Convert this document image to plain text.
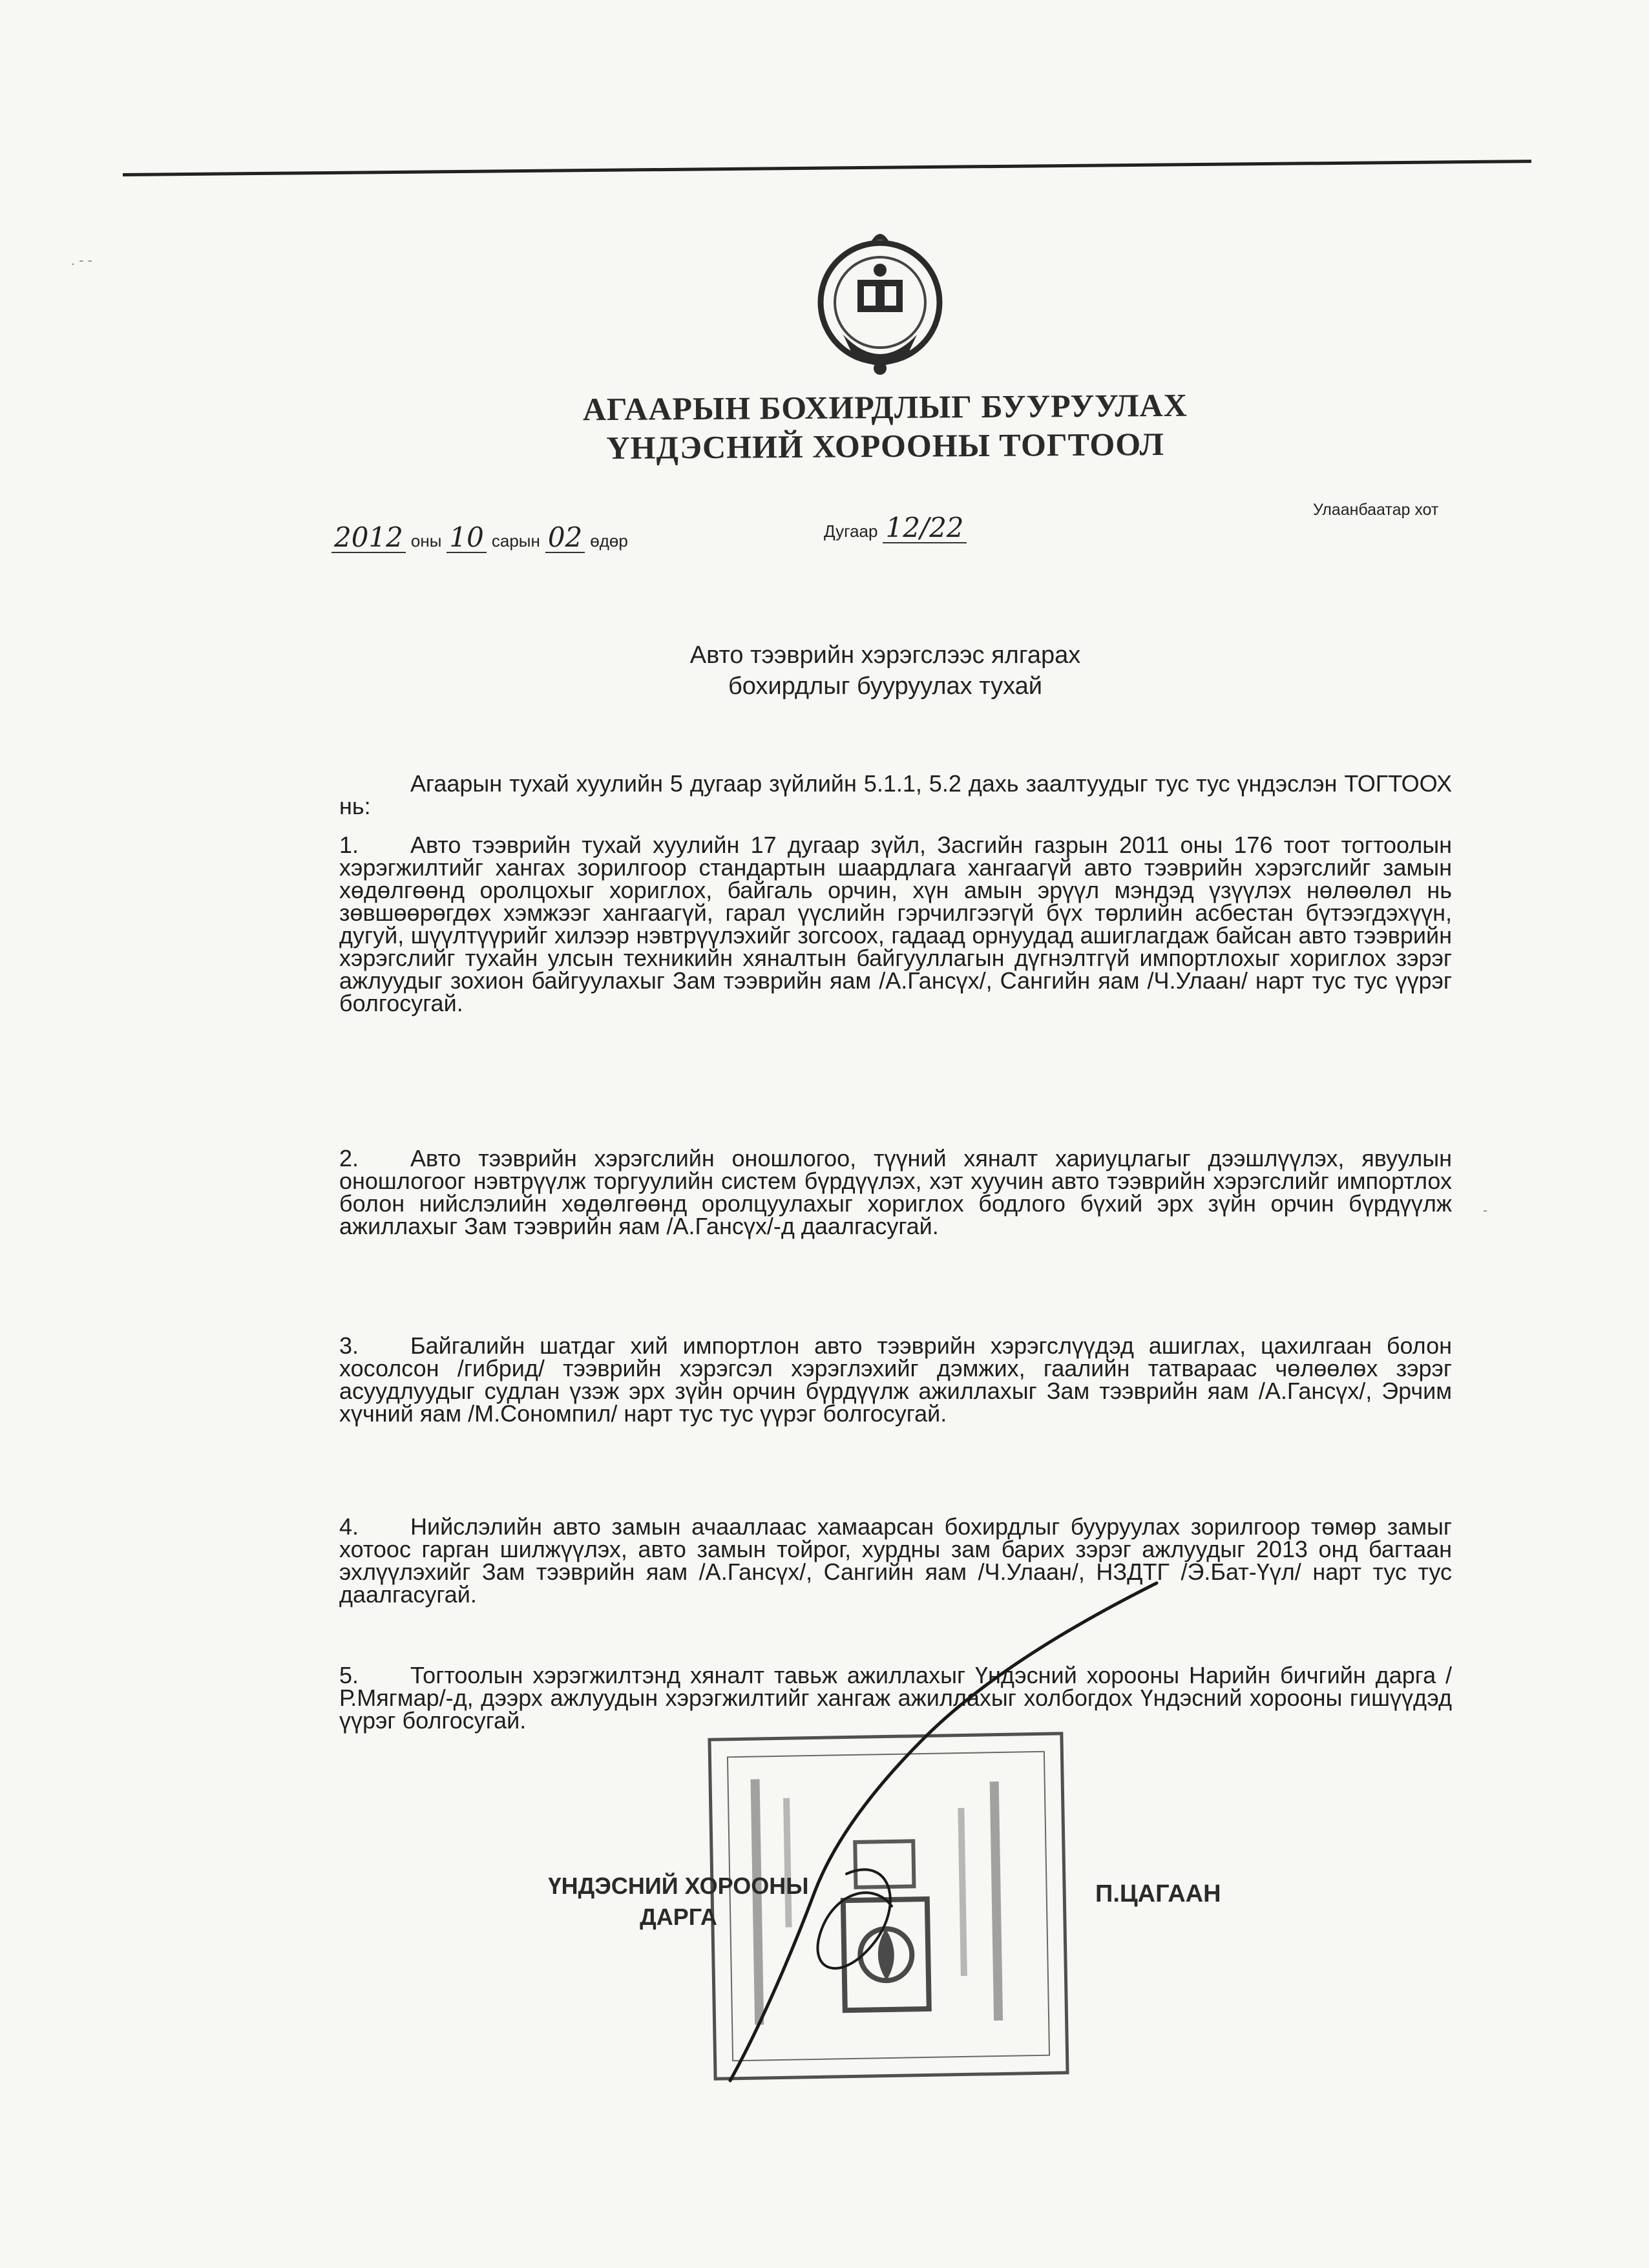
АГААРЫН БОХИРДЛЫГ БУУРУУЛАХ
ҮНДЭСНИЙ ХОРООНЫ ТОГТООЛ
Улаанбаатар хот
2012 оны 10 сарын 02 өдөр	Дугаар 12/22
Авто тээврийн хэрэгслээс ялгарах
бохирдлыг бууруулах тухай
Агаарын тухай хуулийн 5 дугаар зүйлийн 5.1.1, 5.2 дахь заалтуудыг тус тус үндэслэн ТОГТООХ нь:
1. Авто тээврийн тухай хуулийн 17 дугаар зүйл, Засгийн газрын 2011 оны 176 тоот тогтоолын хэрэгжилтийг хангах зорилгоор стандартын шаардлага хангаагүй авто тээврийн хэрэгслийг замын хөдөлгөөнд оролцохыг хориглох, байгаль орчин, хүн амын эрүүл мэндэд үзүүлэх нөлөөлөл нь зөвшөөрөгдөх хэмжээг хангаагүй, гарал үүслийн гэрчилгээгүй бүх төрлийн асбестан бүтээгдэхүүн, дугуй, шүүлтүүрийг хилээр нэвтрүүлэхийг зогсоох, гадаад орнуудад ашиглагдаж байсан авто тээврийн хэрэгслийг тухайн улсын техникийн хяналтын байгууллагын дүгнэлтгүй импортлохыг хориглох зэрэг ажлуудыг зохион байгуулахыг Зам тээврийн яам /А.Гансүх/, Сангийн яам /Ч.Улаан/ нарт тус тус үүрэг болгосугай.
2. Авто тээврийн хэрэгслийн оношлогоо, түүний хяналт хариуцлагыг дээшлүүлэх, явуулын оношлогоог нэвтрүүлж торгуулийн систем бүрдүүлэх, хэт хуучин авто тээврийн хэрэгслийг импортлох болон нийслэлийн хөдөлгөөнд оролцуулахыг хориглох бодлого бүхий эрх зүйн орчин бүрдүүлж ажиллахыг Зам тээврийн яам /А.Гансүх/-д даалгасугай.
3. Байгалийн шатдаг хий импортлон авто тээврийн хэрэгслүүдэд ашиглах, цахилгаан болон хосолсон /гибрид/ тээврийн хэрэгсэл хэрэглэхийг дэмжих, гаалийн татвараас чөлөөлөх зэрэг асуудлуудыг судлан үзэж эрх зүйн орчин бүрдүүлж ажиллахыг Зам тээврийн яам /А.Гансүх/, Эрчим хүчний яам /М.Сономпил/ нарт тус тус үүрэг болгосугай.
4. Нийслэлийн авто замын ачааллаас хамаарсан бохирдлыг бууруулах зорилгоор төмөр замыг хотоос гарган шилжүүлэх, авто замын тойрог, хурдны зам барих зэрэг ажлуудыг 2013 онд багтаан эхлүүлэхийг Зам тээврийн яам /А.Гансүх/, Сангийн яам /Ч.Улаан/, НЗДТГ /Э.Бат-Үүл/ нарт тус тус даалгасугай.
5. Тогтоолын хэрэгжилтэнд хяналт тавьж ажиллахыг Үндэсний хорооны Нарийн бичгийн дарга /Р.Мягмар/-д, дээрх ажлуудын хэрэгжилтийг хангаж ажиллахыг холбогдох Үндэсний хорооны гишүүдэд үүрэг болгосугай.
ҮНДЭСНИЙ ХОРООНЫ
ДАРГА
П.ЦАГААН
. - -
-
